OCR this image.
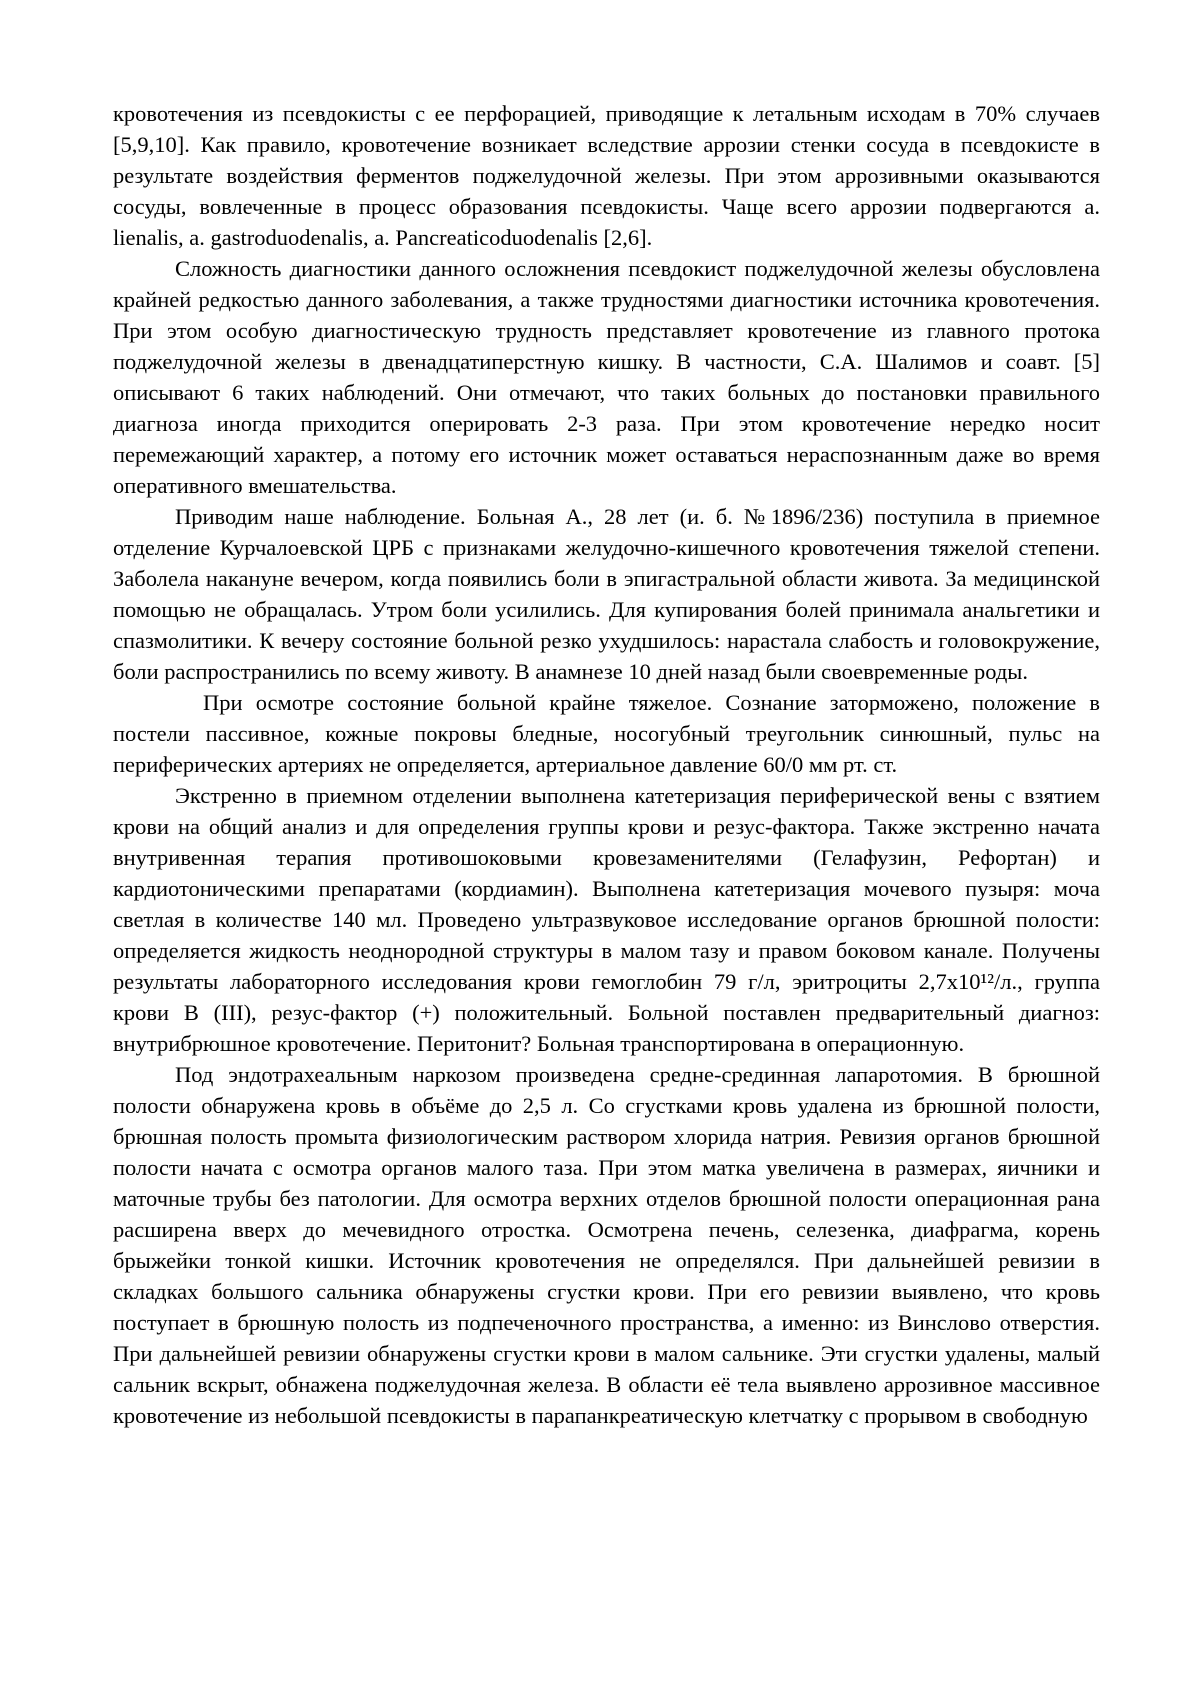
кровотечения из псевдокисты с ее перфорацией, приводящие к летальным исходам в 70% случаев [5,9,10]. Как правило, кровотечение возникает вследствие аррозии стенки сосуда в псевдокисте в результате воздействия ферментов поджелудочной железы. При этом аррозивными оказываются сосуды, вовлеченные в процесс образования псевдокисты. Чаще всего аррозии подвергаются a. lienalis, a. gastroduodenalis, a. Pancreaticoduodenalis [2,6].

Сложность диагностики данного осложнения псевдокист поджелудочной железы обусловлена крайней редкостью данного заболевания, а также трудностями диагностики источника кровотечения. При этом особую диагностическую трудность представляет кровотечение из главного протока поджелудочной железы в двенадцатиперстную кишку. В частности, С.А. Шалимов и соавт. [5] описывают 6 таких наблюдений. Они отмечают, что таких больных до постановки правильного диагноза иногда приходится оперировать 2-3 раза. При этом кровотечение нередко носит перемежающий характер, а потому его источник может оставаться нераспознанным даже во время оперативного вмешательства.

Приводим наше наблюдение. Больная А., 28 лет (и. б. №1896/236) поступила в приемное отделение Курчалоевской ЦРБ с признаками желудочно-кишечного кровотечения тяжелой степени. Заболела накануне вечером, когда появились боли в эпигастральной области живота. За медицинской помощью не обращалась. Утром боли усилились. Для купирования болей принимала анальгетики и спазмолитики. К вечеру состояние больной резко ухудшилось: нарастала слабость и головокружение, боли распространились по всему животу. В анамнезе 10 дней назад были своевременные роды.

При осмотре состояние больной крайне тяжелое. Сознание заторможено, положение в постели пассивное, кожные покровы бледные, носогубный треугольник синюшный, пульс на периферических артериях не определяется, артериальное давление 60/0 мм рт. ст.

Экстренно в приемном отделении выполнена катетеризация периферической вены с взятием крови на общий анализ и для определения группы крови и резус-фактора. Также экстренно начата внутривенная терапия противошоковыми кровезаменителями (Гелафузин, Рефортан) и кардиотоническими препаратами (кордиамин). Выполнена катетеризация мочевого пузыря: моча светлая в количестве 140 мл. Проведено ультразвуковое исследование органов брюшной полости: определяется жидкость неоднородной структуры в малом тазу и правом боковом канале. Получены результаты лабораторного исследования крови гемоглобин 79 г/л, эритроциты 2,7х10¹²/л., группа крови В (III), резус-фактор (+) положительный. Больной поставлен предварительный диагноз: внутрибрюшное кровотечение. Перитонит? Больная транспортирована в операционную.

Под эндотрахеальным наркозом произведена средне-срединная лапаротомия. В брюшной полости обнаружена кровь в объёме до 2,5 л. Со сгустками кровь удалена из брюшной полости, брюшная полость промыта физиологическим раствором хлорида натрия. Ревизия органов брюшной полости начата с осмотра органов малого таза. При этом матка увеличена в размерах, яичники и маточные трубы без патологии. Для осмотра верхних отделов брюшной полости операционная рана расширена вверх до мечевидного отростка. Осмотрена печень, селезенка, диафрагма, корень брыжейки тонкой кишки. Источник кровотечения не определялся. При дальнейшей ревизии в складках большого сальника обнаружены сгустки крови. При его ревизии выявлено, что кровь поступает в брюшную полость из подпеченочного пространства, а именно: из Винслово отверстия. При дальнейшей ревизии обнаружены сгустки крови в малом сальнике. Эти сгустки удалены, малый сальник вскрыт, обнажена поджелудочная железа. В области её тела выявлено аррозивное массивное кровотечение из небольшой псевдокисты в парапанкреатическую клетчатку с прорывом в свободную
